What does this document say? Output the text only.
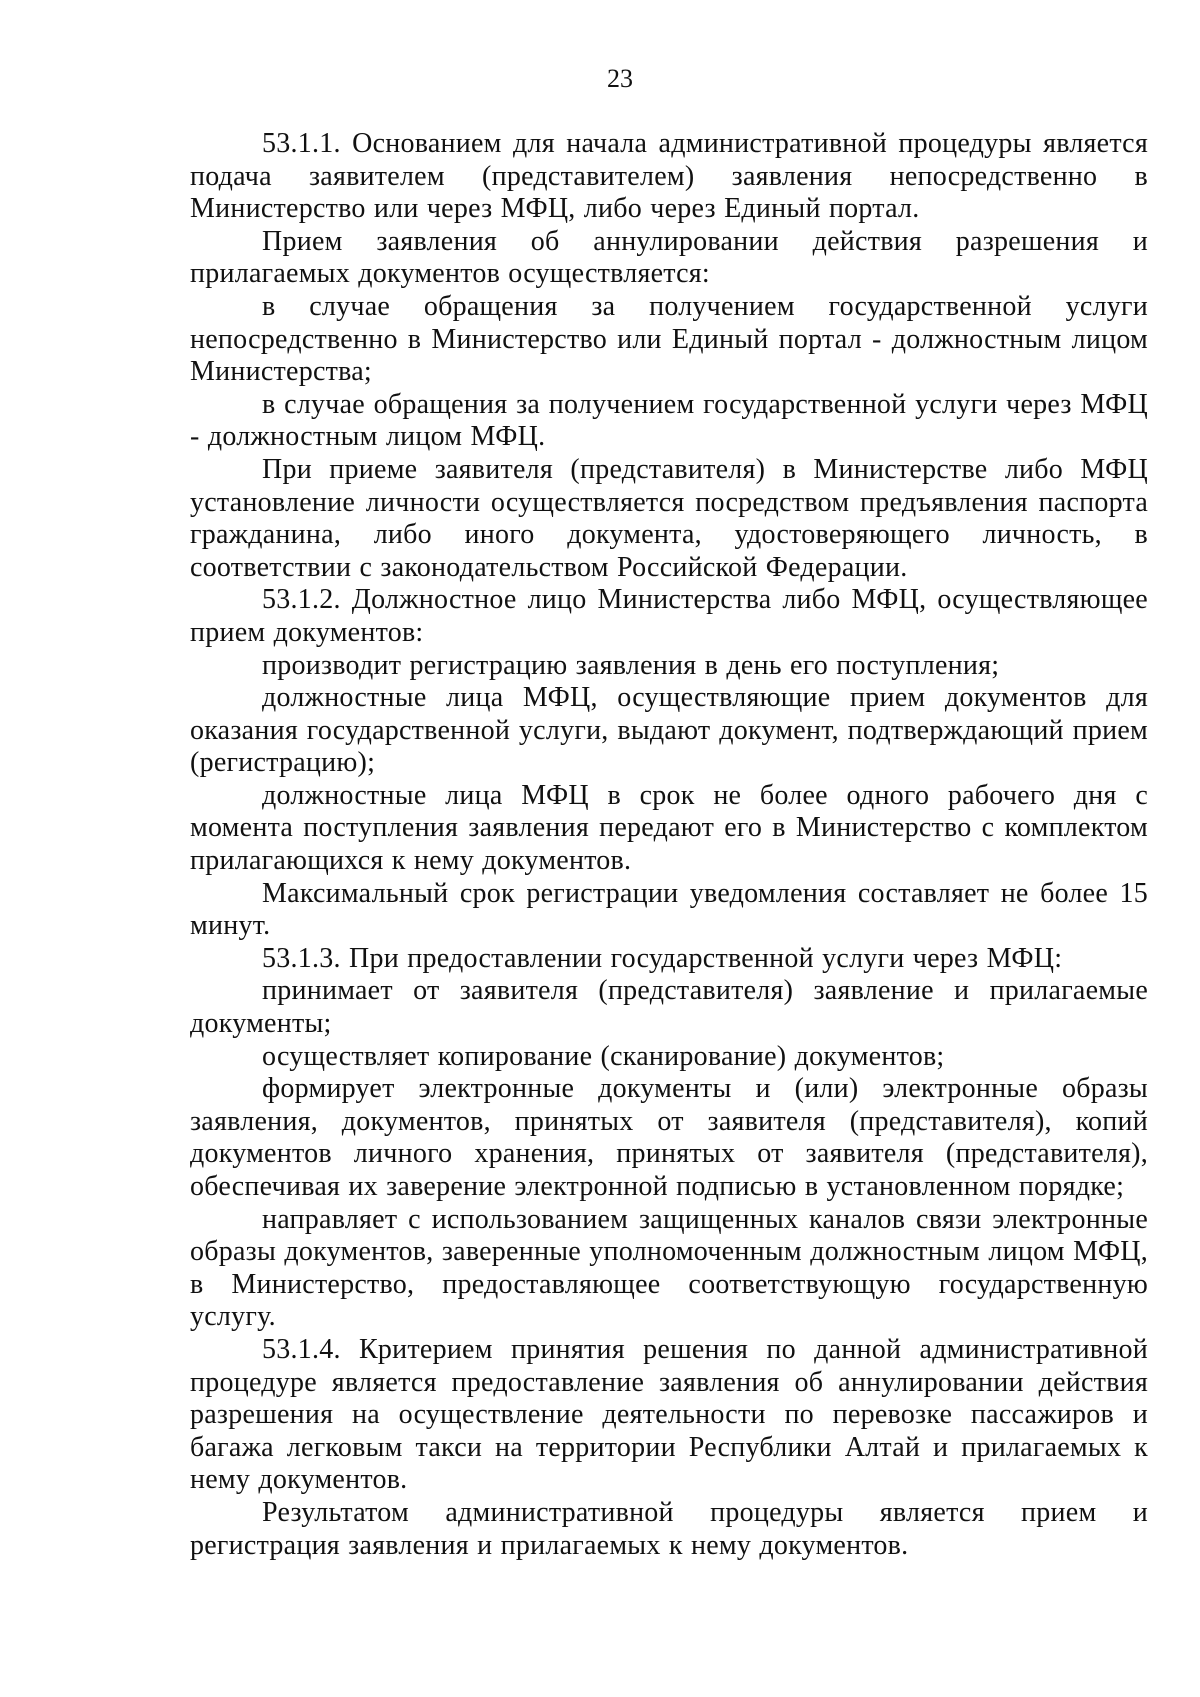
23

53.1.1. Основанием для начала административной процедуры является подача заявителем (представителем) заявления непосредственно в Министерство или через МФЦ, либо через Единый портал.

Прием заявления об аннулировании действия разрешения и прилагаемых документов осуществляется:

в случае обращения за получением государственной услуги непосредственно в Министерство или Единый портал - должностным лицом Министерства;

в случае обращения за получением государственной услуги через МФЦ - должностным лицом МФЦ.

При приеме заявителя (представителя) в Министерстве либо МФЦ установление личности осуществляется посредством предъявления паспорта гражданина, либо иного документа, удостоверяющего личность, в соответствии с законодательством Российской Федерации.

53.1.2. Должностное лицо Министерства либо МФЦ, осуществляющее прием документов:

производит регистрацию заявления в день его поступления;

должностные лица МФЦ, осуществляющие прием документов для оказания государственной услуги, выдают документ, подтверждающий прием (регистрацию);

должностные лица МФЦ в срок не более одного рабочего дня с момента поступления заявления передают его в Министерство с комплектом прилагающихся к нему документов.

Максимальный срок регистрации уведомления составляет не более 15 минут.

53.1.3. При предоставлении государственной услуги через МФЦ:

принимает от заявителя (представителя) заявление и прилагаемые документы;

осуществляет копирование (сканирование) документов;

формирует электронные документы и (или) электронные образы заявления, документов, принятых от заявителя (представителя), копий документов личного хранения, принятых от заявителя (представителя), обеспечивая их заверение электронной подписью в установленном порядке;

направляет с использованием защищенных каналов связи электронные образы документов, заверенные уполномоченным должностным лицом МФЦ, в Министерство, предоставляющее соответствующую государственную услугу.

53.1.4. Критерием принятия решения по данной административной процедуре является предоставление заявления об аннулировании действия разрешения на осуществление деятельности по перевозке пассажиров и багажа легковым такси на территории Республики Алтай и прилагаемых к нему документов.

Результатом административной процедуры является прием и регистрация заявления и прилагаемых к нему документов.
